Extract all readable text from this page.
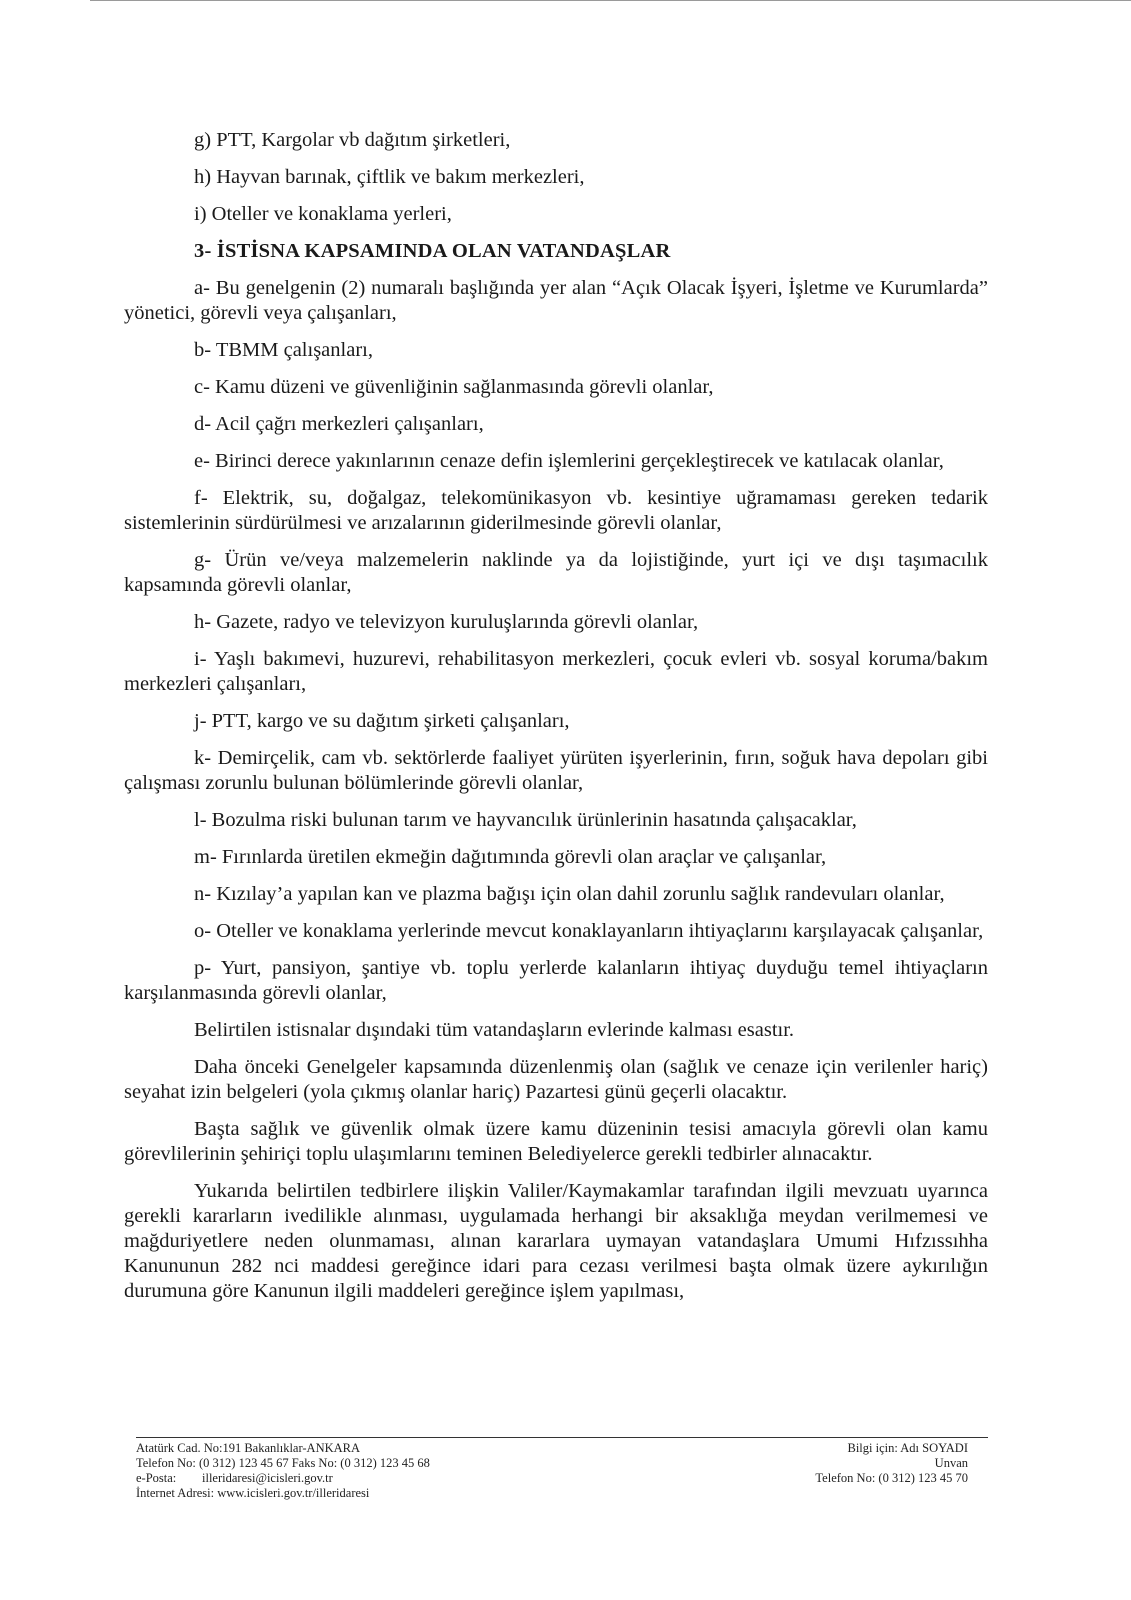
g) PTT, Kargolar vb dağıtım şirketleri,

h) Hayvan barınak, çiftlik ve bakım merkezleri,

i) Oteller ve konaklama yerleri,

3- İSTİSNA KAPSAMINDA OLAN VATANDAŞLAR

a- Bu genelgenin (2) numaralı başlığında yer alan “Açık Olacak İşyeri, İşletme ve Kurumlarda” yönetici, görevli veya çalışanları,

b- TBMM çalışanları,

c- Kamu düzeni ve güvenliğinin sağlanmasında görevli olanlar,

d- Acil çağrı merkezleri çalışanları,

e- Birinci derece yakınlarının cenaze defin işlemlerini gerçekleştirecek ve katılacak olanlar,

f- Elektrik, su, doğalgaz, telekomünikasyon vb. kesintiye uğramaması gereken tedarik sistemlerinin sürdürülmesi ve arızalarının giderilmesinde görevli olanlar,

g- Ürün ve/veya malzemelerin naklinde ya da lojistiğinde, yurt içi ve dışı taşımacılık kapsamında görevli olanlar,

h- Gazete, radyo ve televizyon kuruluşlarında görevli olanlar,

i- Yaşlı bakımevi, huzurevi, rehabilitasyon merkezleri, çocuk evleri vb. sosyal koruma/bakım merkezleri çalışanları,

j- PTT, kargo ve su dağıtım şirketi çalışanları,

k- Demirçelik, cam vb. sektörlerde faaliyet yürüten işyerlerinin, fırın, soğuk hava depoları gibi çalışması zorunlu bulunan bölümlerinde görevli olanlar,

l- Bozulma riski bulunan tarım ve hayvancılık ürünlerinin hasatında çalışacaklar,

m- Fırınlarda üretilen ekmeğin dağıtımında görevli olan araçlar ve çalışanlar,

n- Kızılay’a yapılan kan ve plazma bağışı için olan dahil zorunlu sağlık randevuları olanlar,

o- Oteller ve konaklama yerlerinde mevcut konaklayanların ihtiyaçlarını karşılayacak çalışanlar,

p- Yurt, pansiyon, şantiye vb. toplu yerlerde kalanların ihtiyaç duyduğu temel ihtiyaçların karşılanmasında görevli olanlar,

Belirtilen istisnalar dışındaki tüm vatandaşların evlerinde kalması esastır.

Daha önceki Genelgeler kapsamında düzenlenmiş olan (sağlık ve cenaze için verilenler hariç) seyahat izin belgeleri (yola çıkmış olanlar hariç) Pazartesi günü geçerli olacaktır.

Başta sağlık ve güvenlik olmak üzere kamu düzeninin tesisi amacıyla görevli olan kamu görevlilerinin şehiriçi toplu ulaşımlarını teminen Belediyelerce gerekli tedbirler alınacaktır.

Yukarıda belirtilen tedbirlere ilişkin Valiler/Kaymakamlar tarafından ilgili mevzuatı uyarınca gerekli kararların ivedilikle alınması, uygulamada herhangi bir aksaklığa meydan verilmemesi ve mağduriyetlere neden olunmaması, alınan kararlara uymayan vatandaşlara Umumi Hıfzıssıhha Kanununun 282 nci maddesi gereğince idari para cezası verilmesi başta olmak üzere aykırılığın durumuna göre Kanunun ilgili maddeleri gereğince işlem yapılması,

Atatürk Cad. No:191 Bakanlıklar-ANKARA
Telefon No: (0 312) 123 45 67 Faks No: (0 312) 123 45 68
e-Posta: illeridaresi@icisleri.gov.tr
İnternet Adresi: www.icisleri.gov.tr/illeridaresi
Bilgi için: Adı SOYADI
Unvan
Telefon No: (0 312) 123 45 70
